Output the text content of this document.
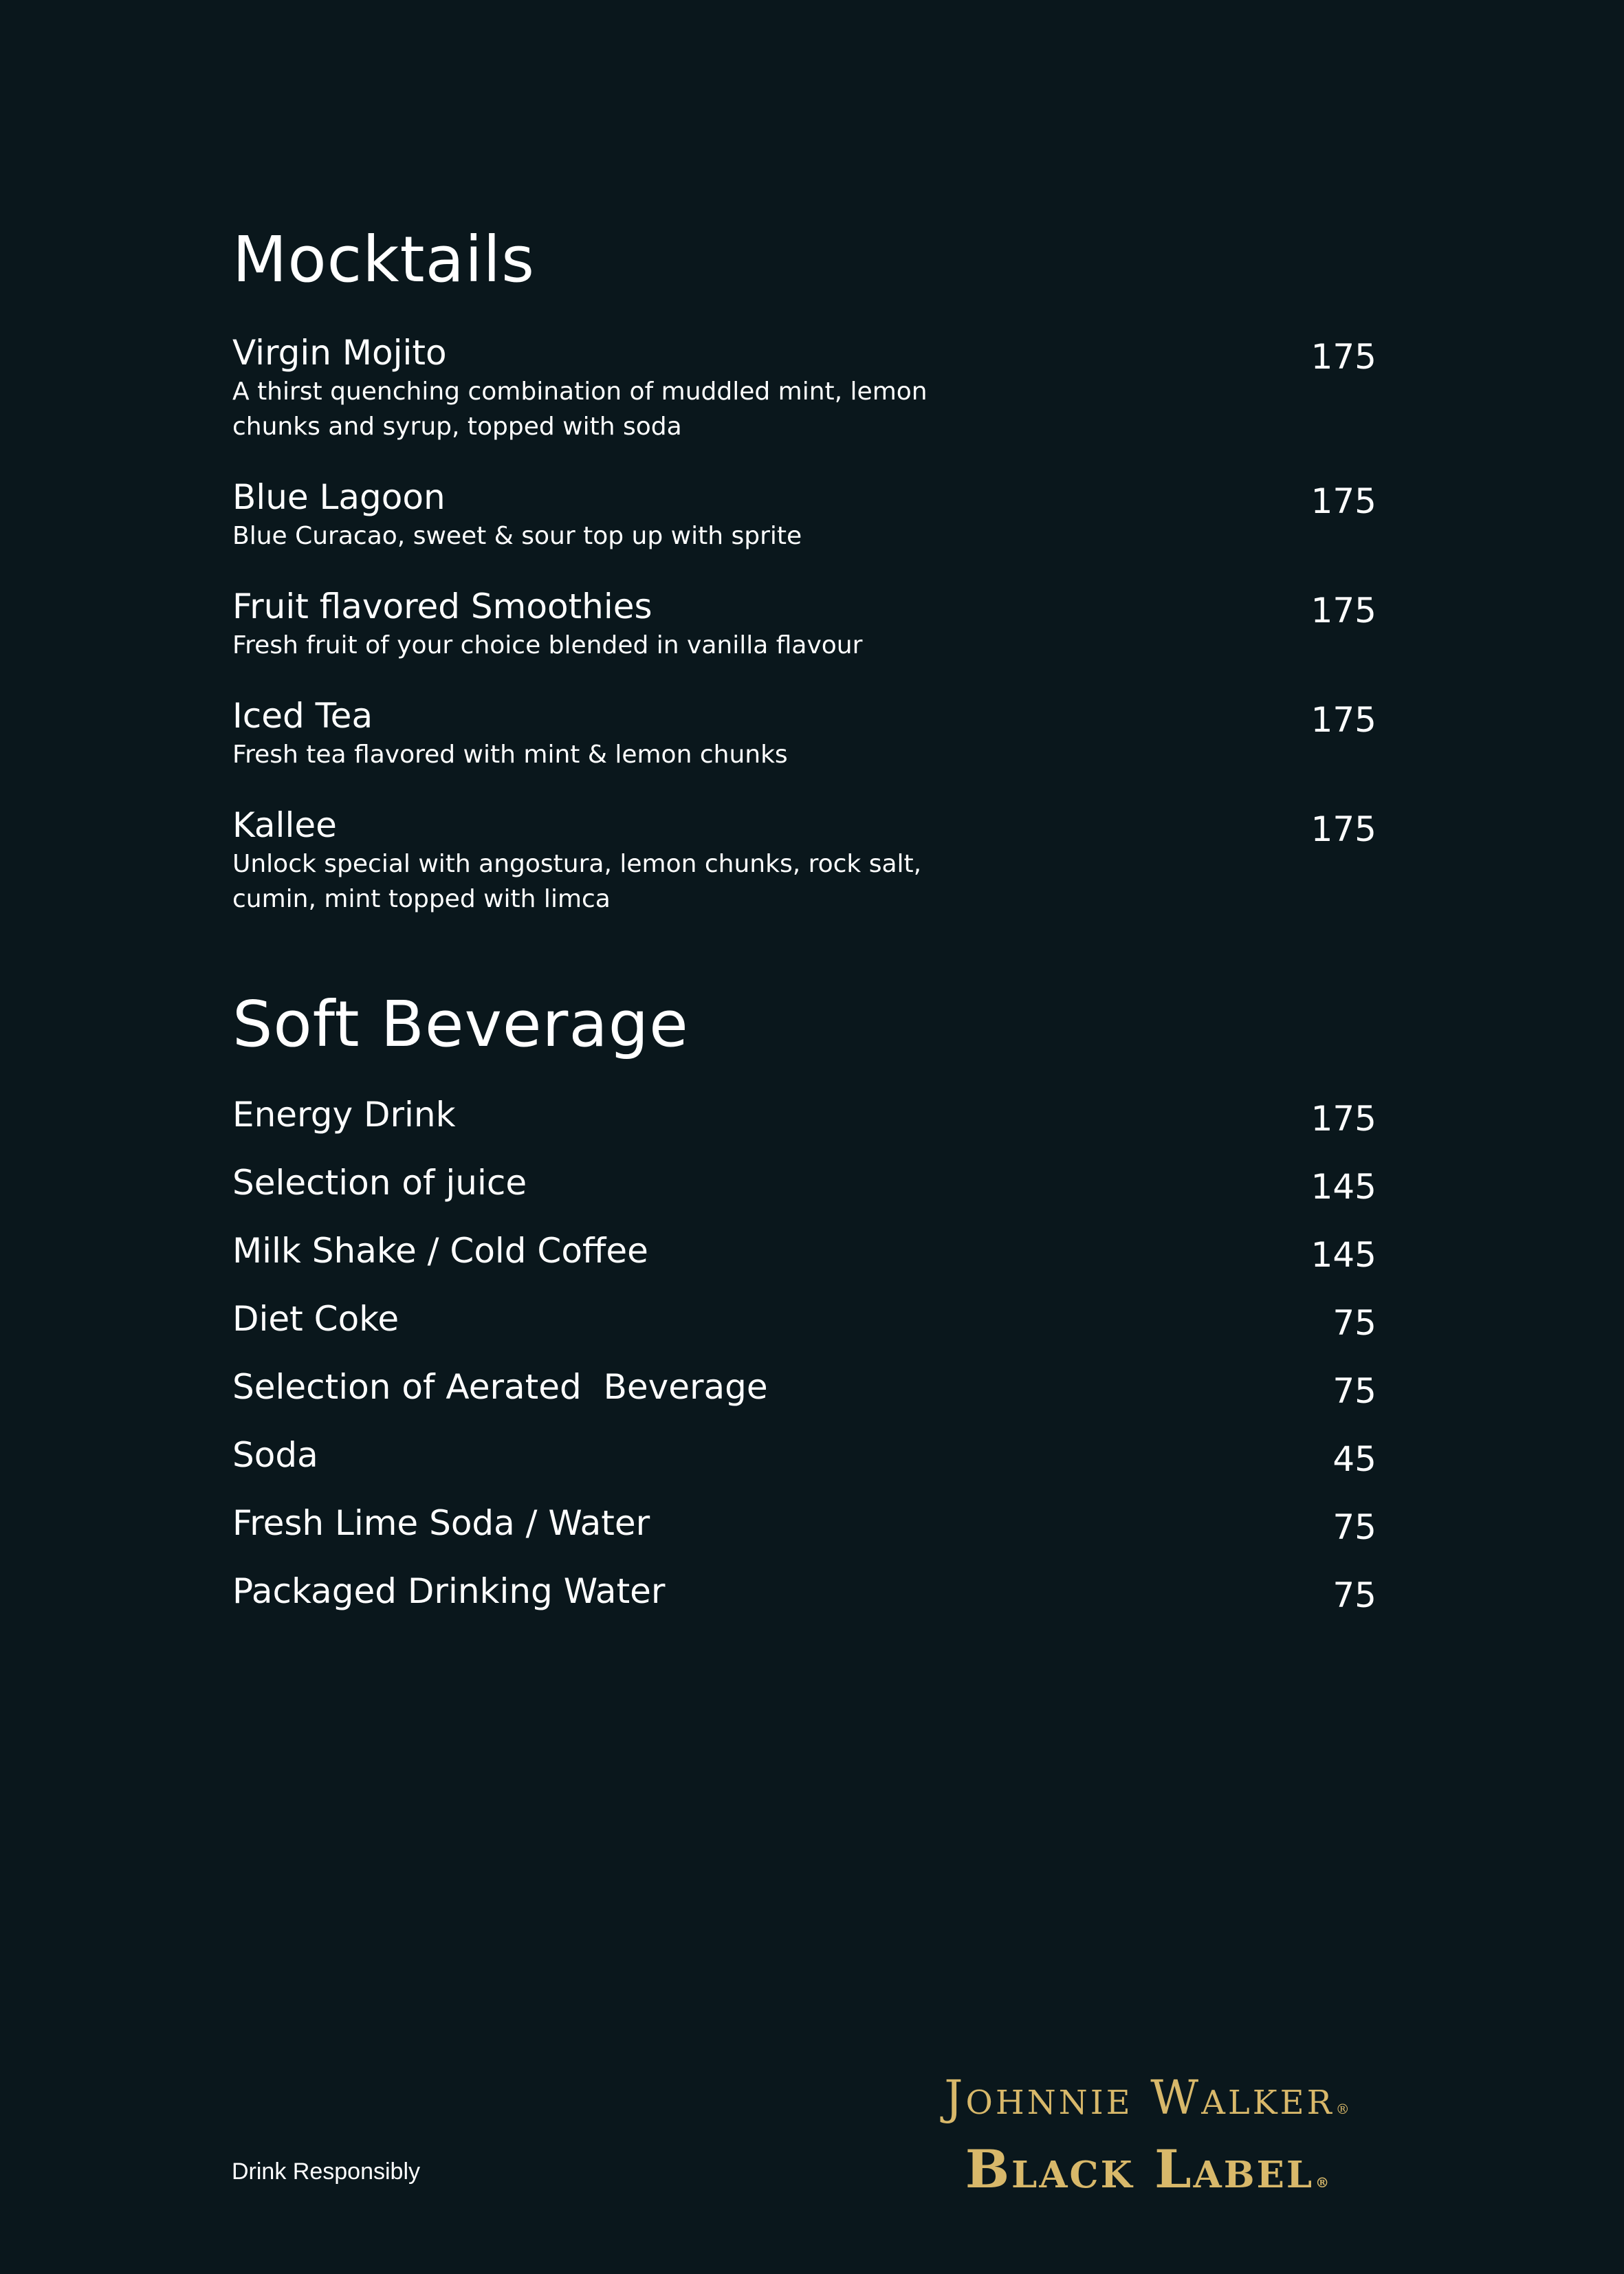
Mocktails
Virgin Mojito
A thirst quenching combination of muddled mint, lemon chunks and syrup, topped with soda
175
Blue Lagoon
Blue Curacao, sweet & sour top up with sprite
175
Fruit flavored Smoothies
Fresh fruit of your choice blended in vanilla flavour
175
Iced Tea
Fresh tea flavored with mint & lemon chunks
175
Kallee
Unlock special with angostura, lemon chunks, rock salt, cumin, mint topped with limca
175
Soft Beverage
Energy Drink	175
Selection of juice	145
Milk Shake / Cold Coffee	145
Diet Coke	75
Selection of Aerated  Beverage	75
Soda	45
Fresh Lime Soda / Water	75
Packaged Drinking Water	75
Drink Responsibly
Johnnie Walker ®
Black Label ®
